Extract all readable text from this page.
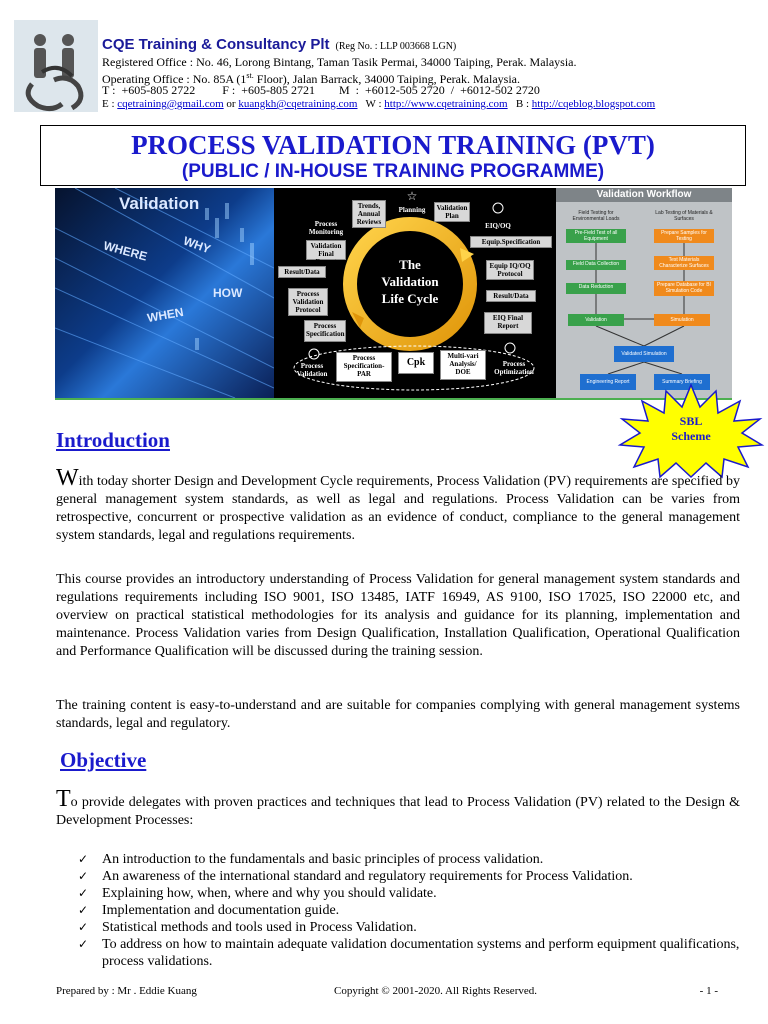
CQE Training & Consultancy Plt (Reg No. : LLP 003668 LGN)
Registered Office : No. 46, Lorong Bintang, Taman Tasik Permai, 34000 Taiping, Perak. Malaysia.
Operating Office : No. 85A ($1^{st.}$ Floor), Jalan Barrack, 34000 Taiping, Perak. Malaysia.
T :  +605-805 2722         F :  +605-805 2721        M  :  +6012-505 2720  /  +6012-502 2720
E : cqetraining@gmail.com or kuangkh@cqetraining.com   W : http://www.cqetraining.com   B : http://cqeblog.blogspot.com
PROCESS VALIDATION TRAINING (PVT)
(PUBLIC / IN-HOUSE TRAINING PROGRAMME)
Validation
WHERE	WHY
HOW
WHEN
☆
The
Validation
Life Cycle
Trends, Annual Reviews
Planning	Validation Plan
EIQ/OQ
Process Monitoring
Validation Final Report
Equip.Specification
Result/Data
Equip IQ/OQ Protocol
Process Validation Protocol
Result/Data
Process Specification
EIQ Final Report
Process Validation
Process Specification-PAR
Cpk
Multi-vari Analysis/ DOE
Process Optimization
Validation Workflow
Field Testing for Environmental Loads
Lab Testing of Materials & Surfaces
Pre-Field Test of all Equipment
Prepare Samples for Testing
Field Data Collection
Test Materials Characterize Surfaces
Data Reduction	Prepare Database for BI Simulation Code
Validation	Simulation
Validated Simulation
Engineering Report	Summary Briefing
SBL
Scheme
Introduction
With today shorter Design and Development Cycle requirements, Process Validation (PV) requirements are specified by general management system standards, as well as legal and regulations. Process Validation can be varies from retrospective, concurrent or prospective validation as an evidence of conduct, compliance to the general management system standards, legal and regulations requirements.
This course provides an introductory understanding of Process Validation for general management system standards and regulations requirements including ISO 9001, ISO 13485, IATF 16949, AS 9100, ISO 17025, ISO 22000 etc, and overview on practical statistical methodologies for its analysis and guidance for its planning, implementation and maintenance. Process Validation varies from Design Qualification, Installation Qualification, Operational Qualification and Performance Qualification will be discussed during the training session.
The training content is easy-to-understand and are suitable for companies complying with general management systems standards, legal and regulatory.
Objective
To provide delegates with proven practices and techniques that lead to Process Validation (PV) related to the Design & Development Processes:
✓ An introduction to the fundamentals and basic principles of process validation.
✓ An awareness of the international standard and regulatory requirements for Process Validation.
✓ Explaining how, when, where and why you should validate.
✓ Implementation and documentation guide.
✓ Statistical methods and tools used in Process Validation.
✓ To address on how to maintain adequate validation documentation systems and perform equipment qualifications, process validations.
Prepared by : Mr . Eddie Kuang	Copyright © 2001-2020. All Rights Reserved.	- 1 -
